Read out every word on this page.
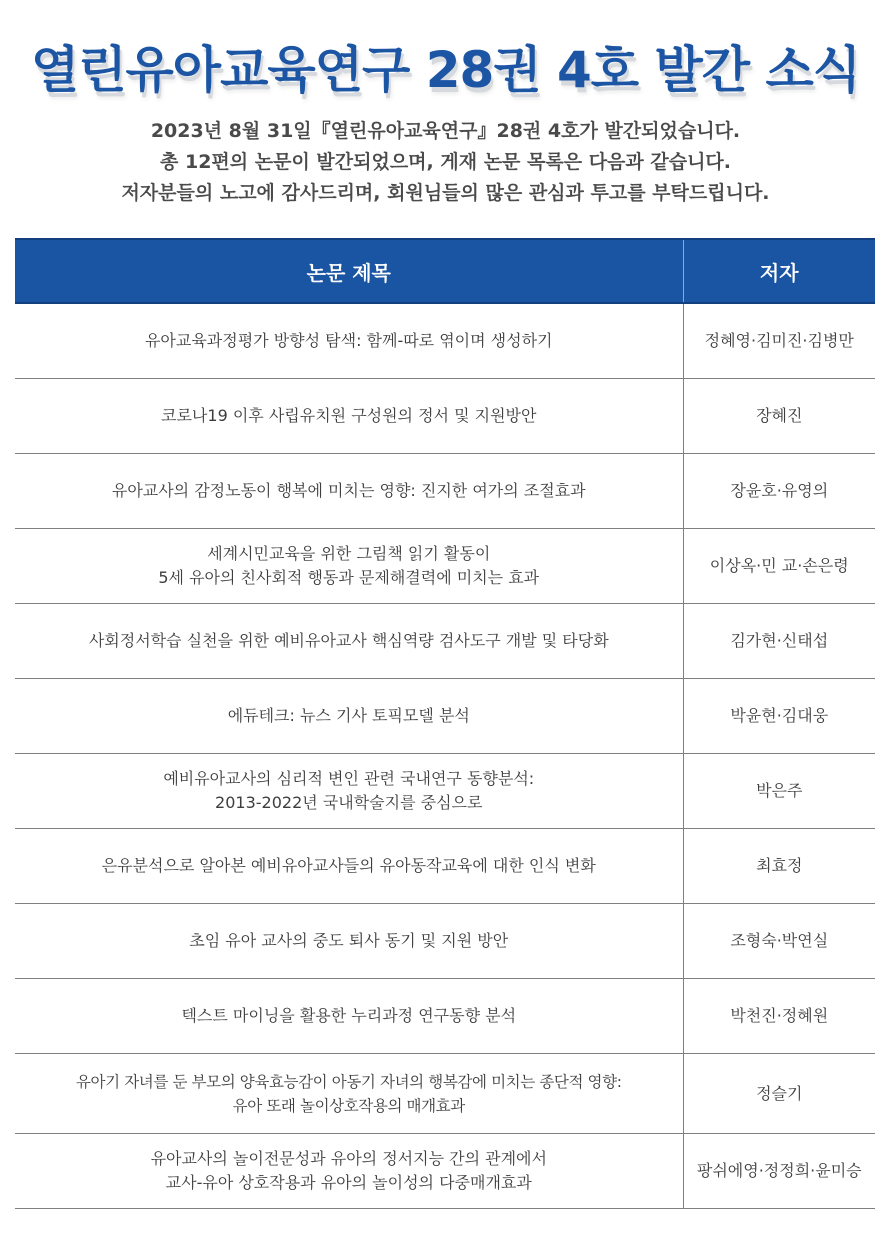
열린유아교육연구 28권 4호 발간 소식
2023년 8월 31일『열린유아교육연구』28권 4호가 발간되었습니다.
총 12편의 논문이 발간되었으며, 게재 논문 목록은 다음과 같습니다.
저자분들의 노고에 감사드리며, 회원님들의 많은 관심과 투고를 부탁드립니다.
논문 제목	저자

유아교육과정평가 방향성 탐색: 함께-따로 엮이며 생성하기	정혜영·김미진·김병만

코로나19 이후 사립유치원 구성원의 정서 및 지원방안	장혜진

유아교사의 감정노동이 행복에 미치는 영향: 진지한 여가의 조절효과	장윤호·유영의

세계시민교육을 위한 그림책 읽기 활동이
5세 유아의 친사회적 행동과 문제해결력에 미치는 효과	이상옥·민 교·손은령

사회정서학습 실천을 위한 예비유아교사 핵심역량 검사도구 개발 및 타당화	김가현·신태섭

에듀테크: 뉴스 기사 토픽모델 분석	박윤현·김대웅

예비유아교사의 심리적 변인 관련 국내연구 동향분석:
2013-2022년 국내학술지를 중심으로	박은주

은유분석으로 알아본 예비유아교사들의 유아동작교육에 대한 인식 변화	최효정

초임 유아 교사의 중도 퇴사 동기 및 지원 방안	조형숙·박연실

텍스트 마이닝을 활용한 누리과정 연구동향 분석	박천진·정혜원

유아기 자녀를 둔 부모의 양육효능감이 아동기 자녀의 행복감에 미치는 종단적 영향:
유아 또래 놀이상호작용의 매개효과	정슬기

유아교사의 놀이전문성과 유아의 정서지능 간의 관계에서
교사-유아 상호작용과 유아의 놀이성의 다중매개효과	팡쉬에영·정정희·윤미승
